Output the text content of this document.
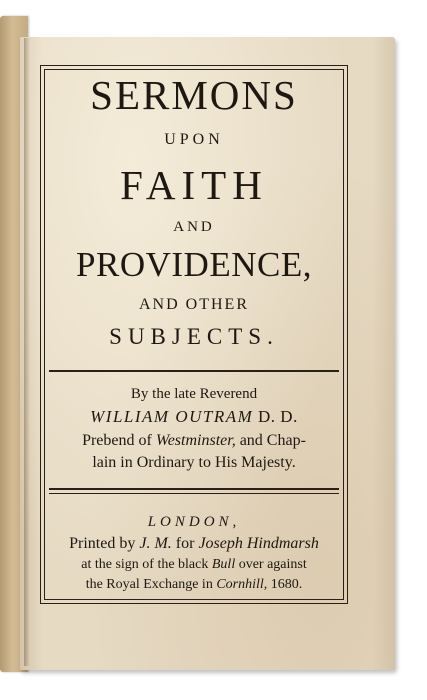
SERMONS
UPON
FAITH
AND
PROVIDENCE,
AND OTHER
SUBJECTS.
By the late Reverend
WILLIAM OUTRAM D. D.
Prebend of Westminster, and Chap-
lain in Ordinary to His Majesty.
LONDON,
Printed by J. M. for Joseph Hindmarsh
at the sign of the black Bull over against
the Royal Exchange in Cornhill, 1680.
